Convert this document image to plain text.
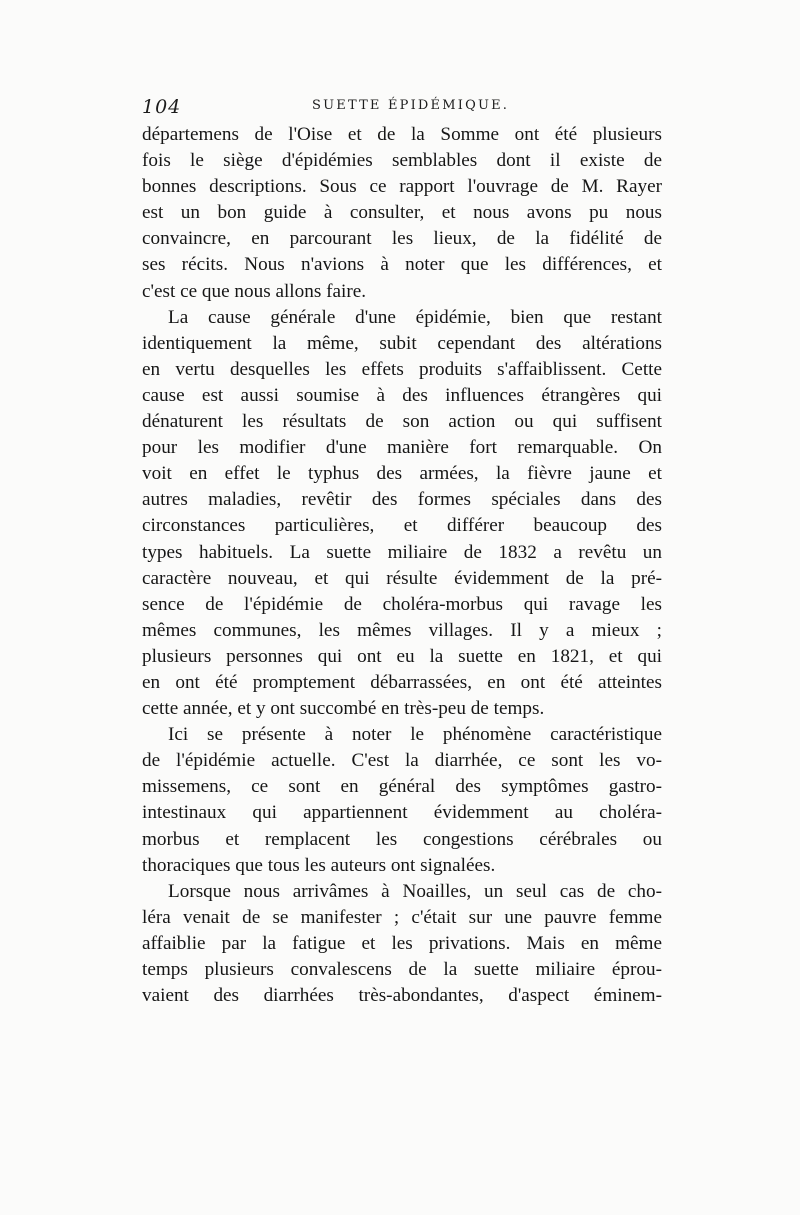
104	SUETTE ÉPIDÉMIQUE.
départemens de l'Oise et de la Somme ont été plusieurs
fois le siège d'épidémies semblables dont il existe de
bonnes descriptions. Sous ce rapport l'ouvrage de M. Rayer
est un bon guide à consulter, et nous avons pu nous
convaincre, en parcourant les lieux, de la fidélité de
ses récits. Nous n'avions à noter que les différences, et
c'est ce que nous allons faire.
La cause générale d'une épidémie, bien que restant
identiquement la même, subit cependant des altérations
en vertu desquelles les effets produits s'affaiblissent. Cette
cause est aussi soumise à des influences étrangères qui
dénaturent les résultats de son action ou qui suffisent
pour les modifier d'une manière fort remarquable. On
voit en effet le typhus des armées, la fièvre jaune et
autres maladies, revêtir des formes spéciales dans des
circonstances particulières, et différer beaucoup des
types habituels. La suette miliaire de 1832 a revêtu un
caractère nouveau, et qui résulte évidemment de la pré-
sence de l'épidémie de choléra-morbus qui ravage les
mêmes communes, les mêmes villages. Il y a mieux ;
plusieurs personnes qui ont eu la suette en 1821, et qui
en ont été promptement débarrassées, en ont été atteintes
cette année, et y ont succombé en très-peu de temps.
Ici se présente à noter le phénomène caractéristique
de l'épidémie actuelle. C'est la diarrhée, ce sont les vo-
missemens, ce sont en général des symptômes gastro-
intestinaux qui appartiennent évidemment au choléra-
morbus et remplacent les congestions cérébrales ou
thoraciques que tous les auteurs ont signalées.
Lorsque nous arrivâmes à Noailles, un seul cas de cho-
léra venait de se manifester ; c'était sur une pauvre femme
affaiblie par la fatigue et les privations. Mais en même
temps plusieurs convalescens de la suette miliaire éprou-
vaient des diarrhées très-abondantes, d'aspect éminem-
